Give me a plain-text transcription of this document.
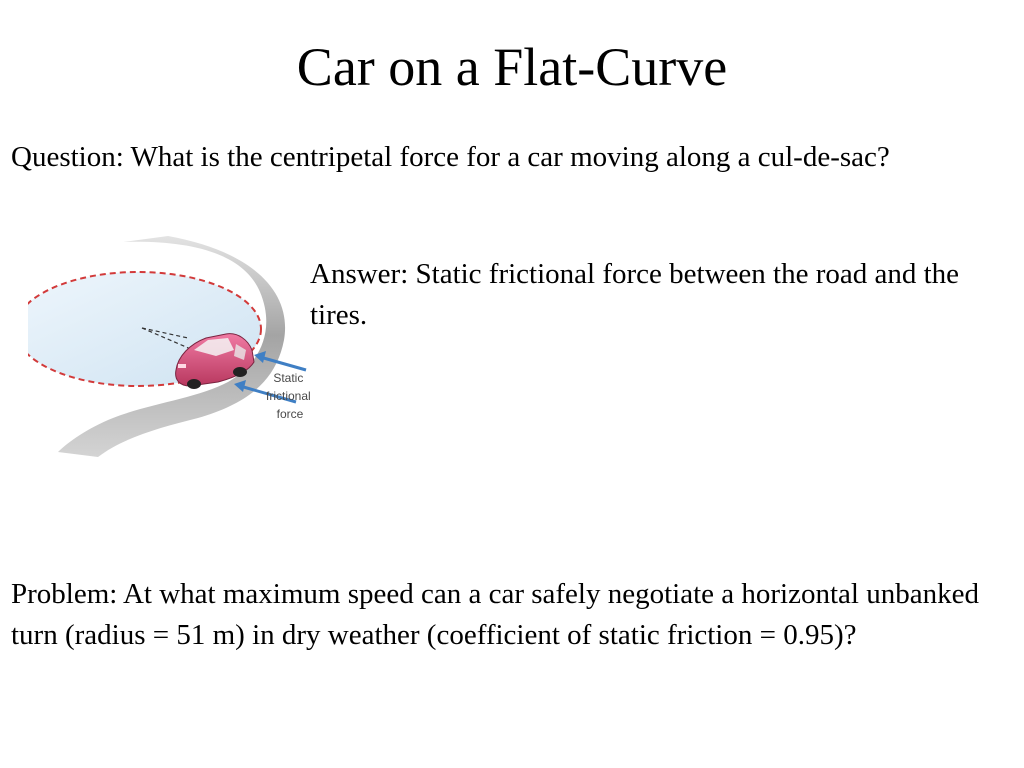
Car on a Flat-Curve

Question: What is the centripetal force for a car moving along a cul-de-sac?

Static frictional force

Answer: Static frictional force between the road and the tires.

Problem: At what maximum speed can a car safely negotiate a horizontal unbanked turn (radius = 51 m) in dry weather (coefficient of static friction = 0.95)?
